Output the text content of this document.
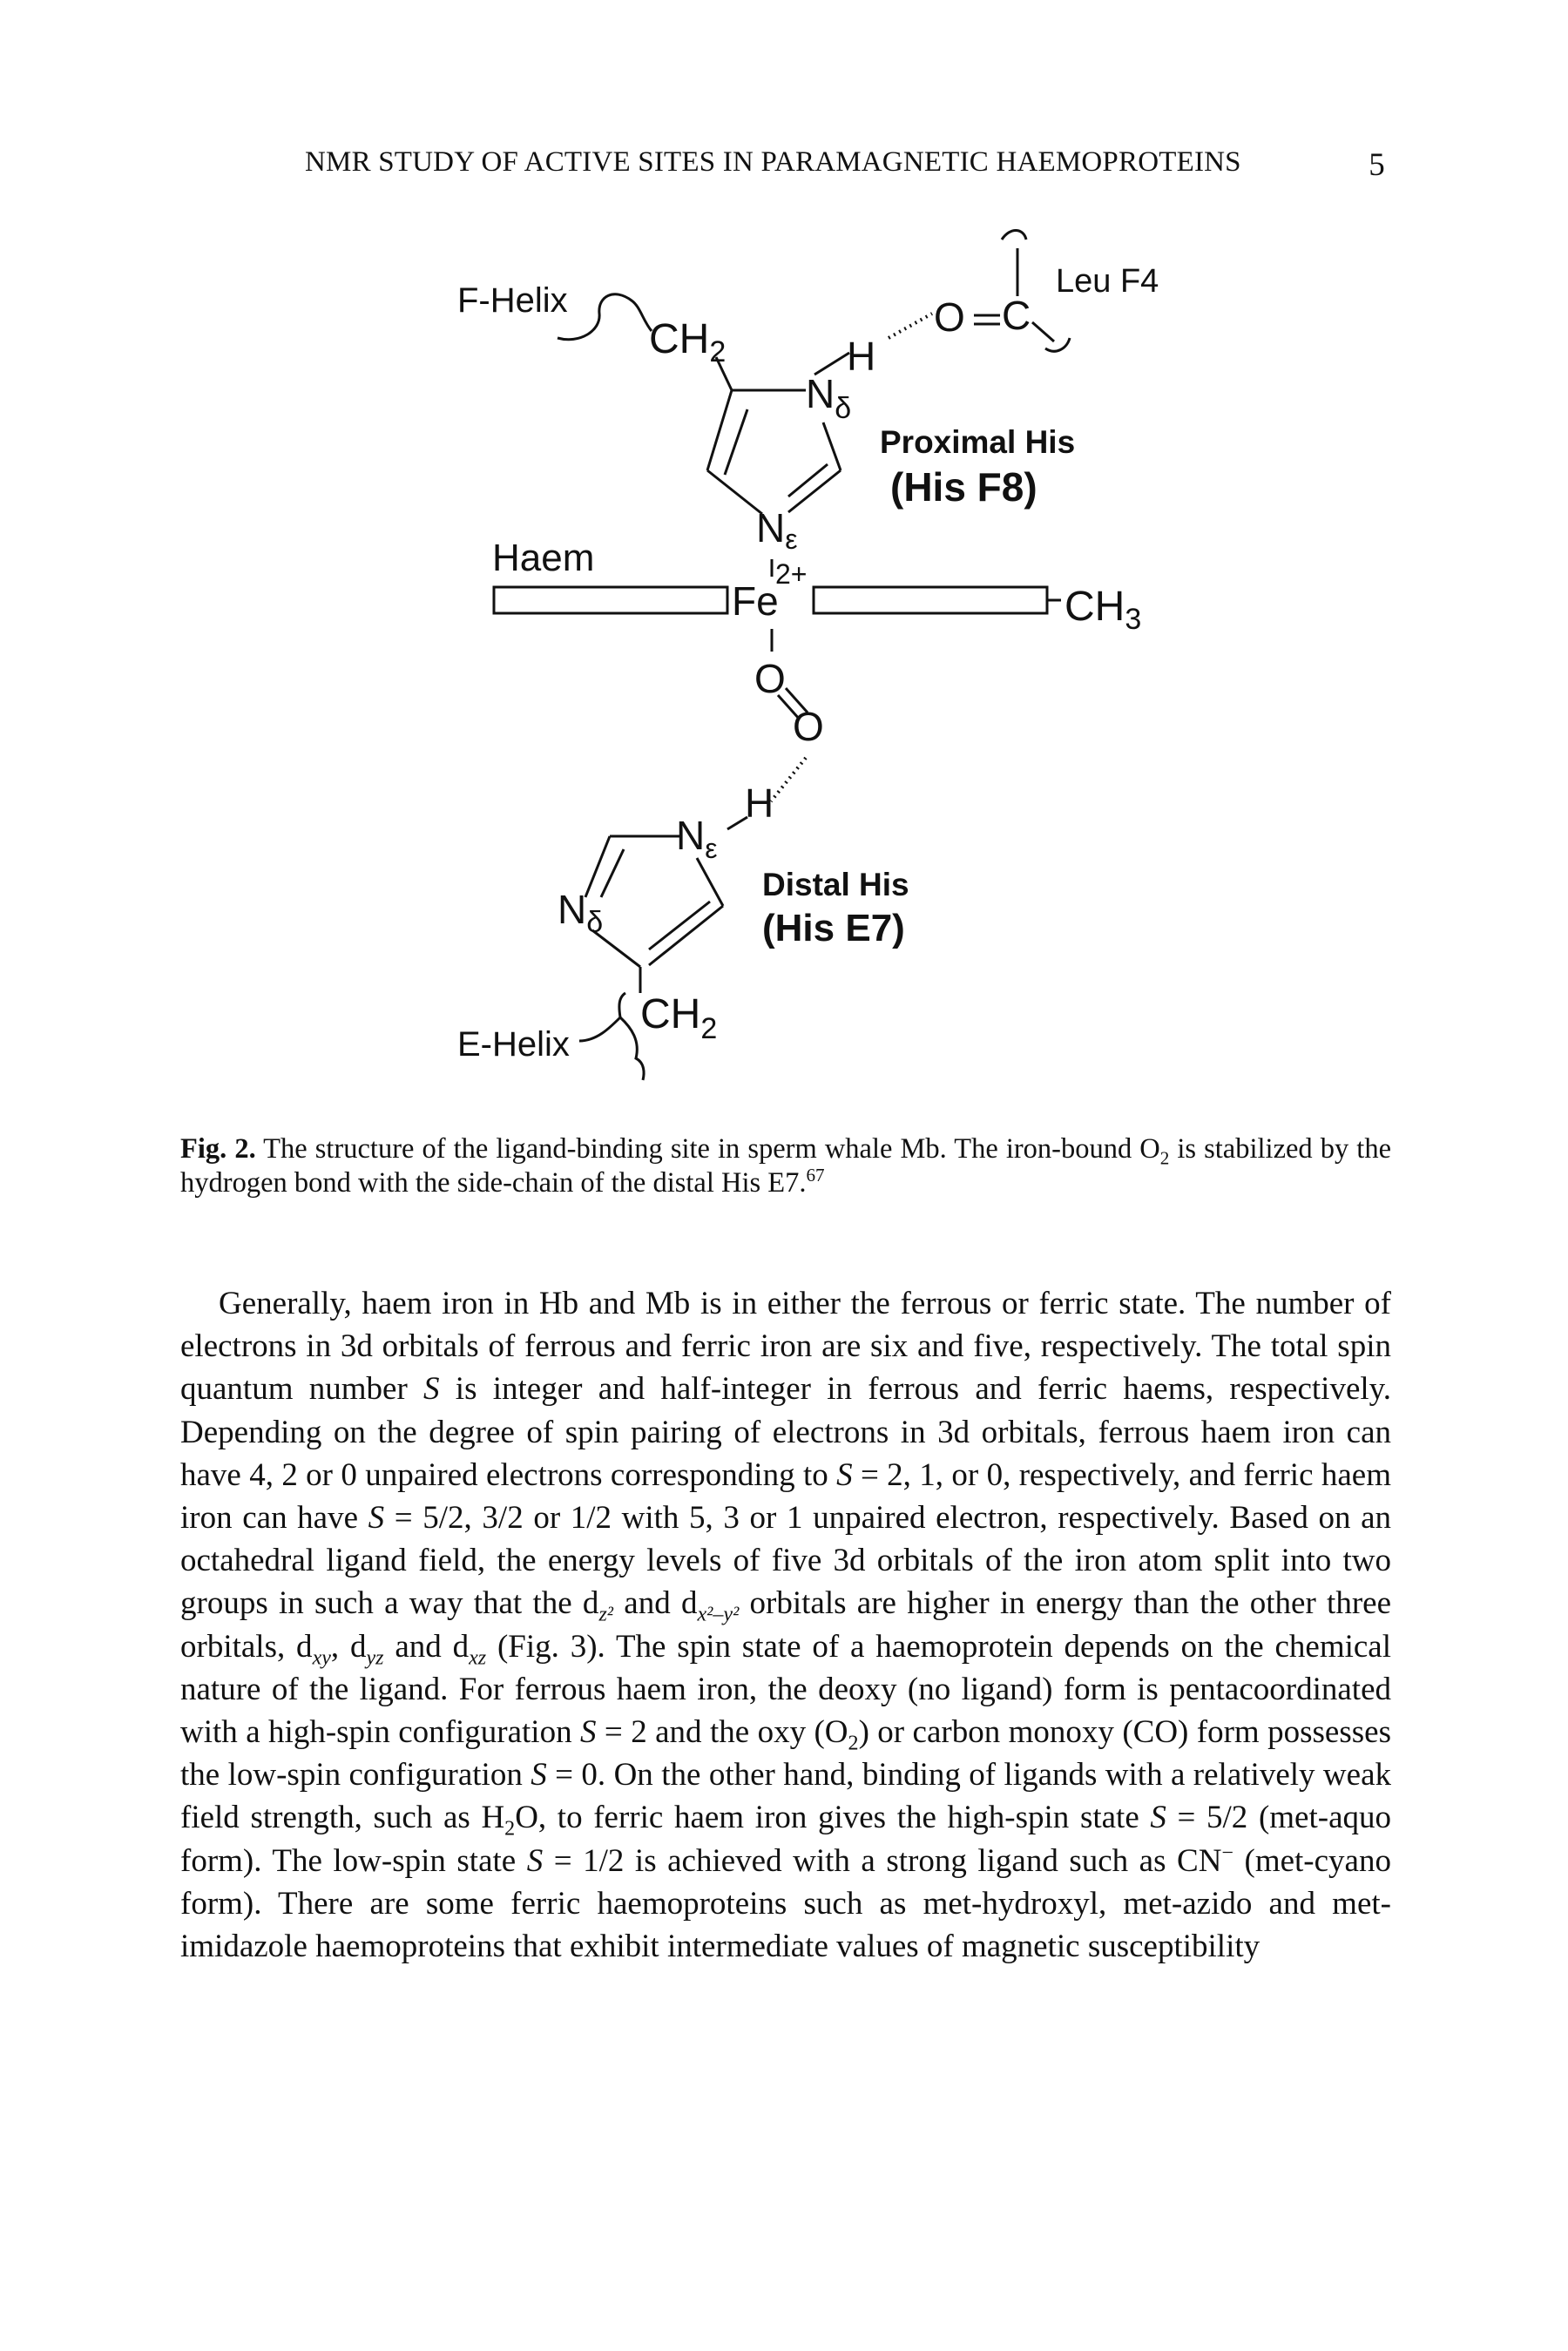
NMR STUDY OF ACTIVE SITES IN PARAMAGNETIC HAEMOPROTEINS	5
F-Helix
$CH_2$	H
O C
Leu F4
$N_\delta$
Proximal His
(His F8)
Nε
Haem	2+
Fe	$CH_3$
O
O
H
$N_\varepsilon$
Distal His
(His E7)
$N_\delta$
$CH_2$
E-Helix
Fig. 2. The structure of the ligand-binding site in sperm whale Mb. The iron-bound $O_2$ is stabilized by the hydrogen bond with the side-chain of the distal His E7.67

Generally, haem iron in Hb and Mb is in either the ferrous or ferric state. The number of electrons in 3d orbitals of ferrous and ferric iron are six and five, respectively. The total spin quantum number S is integer and half-integer in ferrous and ferric haems, respectively. Depending on the degree of spin pairing of electrons in 3d orbitals, ferrous haem iron can have 4, 2 or 0 unpaired electrons corresponding to S = 2, 1, or 0, respectively, and ferric haem iron can have S = 5/2, 3/2 or 1/2 with 5, 3 or 1 unpaired electron, respectively. Based on an octahedral ligand field, the energy levels of five 3d orbitals of the iron atom split into two groups in such a way that the $d_{z^2}$ and $d_{x^2-y^2}$ orbitals are higher in energy than the other three orbitals, $d_{xy}$, $d_{yz}$ and $d_{xz}$ (Fig. 3). The spin state of a haemoprotein depends on the chemical nature of the ligand. For ferrous haem iron, the deoxy (no ligand) form is pentacoordinated with a high-spin configuration S = 2 and the oxy $(O_2)$ or carbon monoxy (CO) form possesses the low-spin configuration S = 0. On the other hand, binding of ligands with a relatively weak field strength, such as $H_2O$, to ferric haem iron gives the high-spin state S = 5/2 (met-aquo form). The low-spin state S = 1/2 is achieved with a strong ligand such as CN− (met-cyano form). There are some ferric haemoproteins such as met-hydroxyl, met-azido and met-imidazole haemoproteins that exhibit intermediate values of magnetic susceptibility
